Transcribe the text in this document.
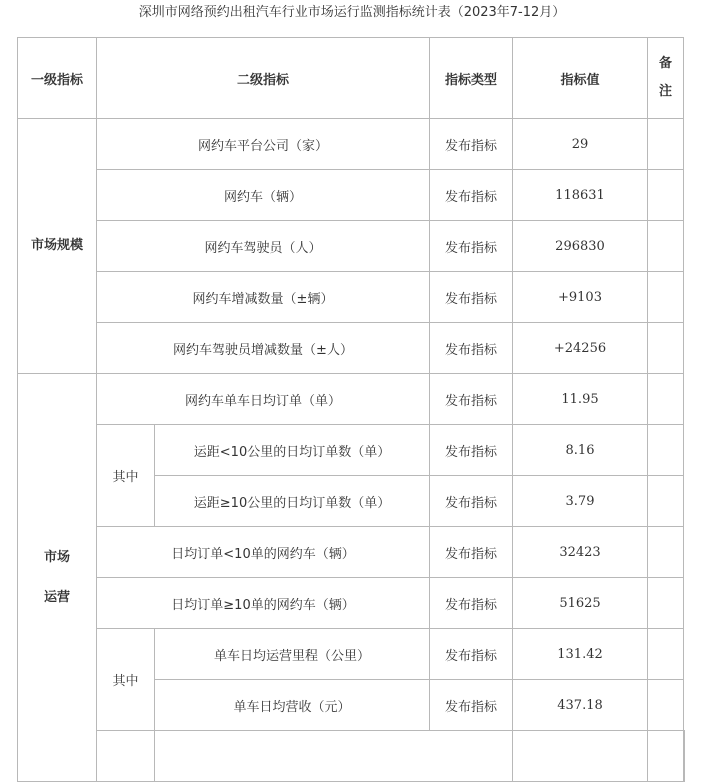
深圳市网络预约出租汽车行业市场运行监测指标统计表（2023年7-12月）
一级指标	二级指标		指标类型	指标值	备
注	

市场规模	网约车平台公司（家）		发布指标	29		
	网约车（辆）		发布指标	118631		
	网约车驾驶员（人）		发布指标	296830		
	网约车增减数量（±辆）		发布指标	+9103		
	网约车驾驶员增减数量（±人）		发布指标	+24256		

市场
运营	网约车单车日均订单（单）		发布指标	11.95		
	其中	运距<10公里的日均订单数（单）	发布指标	8.16		
		运距≥10公里的日均订单数（单）	发布指标	3.79		
	日均订单<10单的网约车（辆）		发布指标	32423		
	日均订单≥10单的网约车（辆）		发布指标	51625		
	其中	单车日均运营里程（公里）	发布指标	131.42		
		单车日均营收（元）	发布指标	437.18		
